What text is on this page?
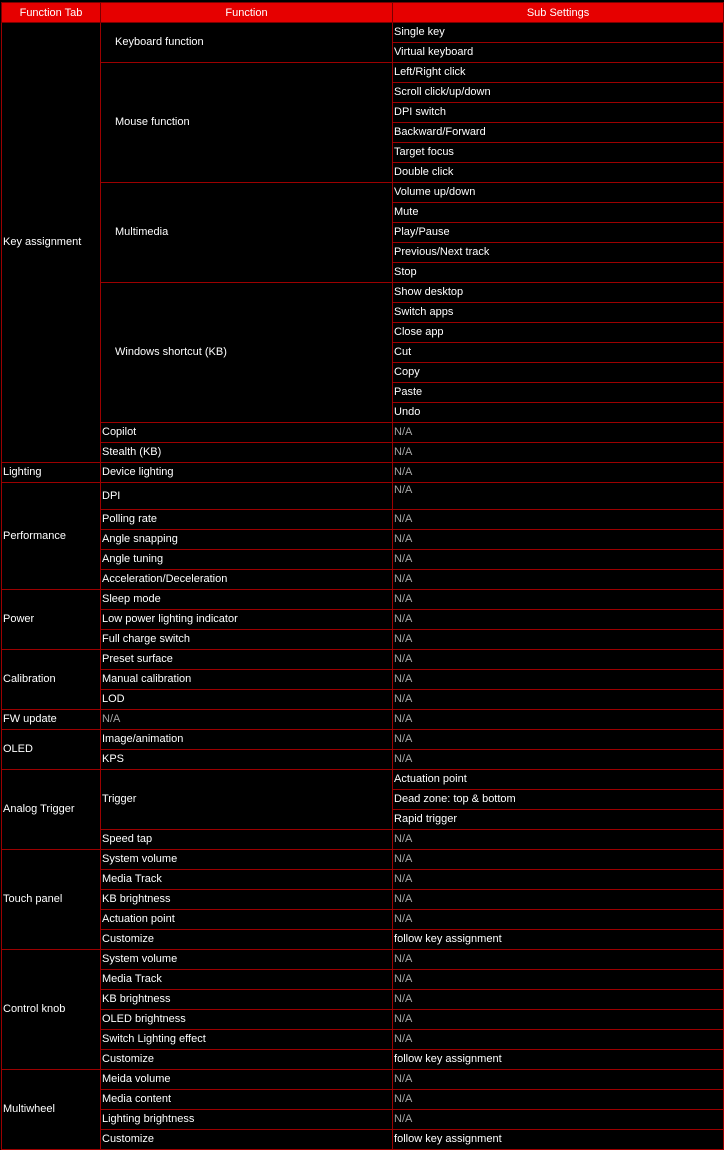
Function Tab	Function	Sub Settings
Key assignment	Keyboard function	Single key
		Virtual keyboard
	Mouse function	Left/Right click
		Scroll click/up/down
		DPI switch
		Backward/Forward
		Target focus
		Double click
	Multimedia	Volume up/down
		Mute
		Play/Pause
		Previous/Next track
		Stop
	Windows shortcut (KB)	Show desktop
		Switch apps
		Close app
		Cut
		Copy
		Paste
		Undo
	Copilot	N/A
	Stealth (KB)	N/A
Lighting	Device lighting	N/A
Performance	DPI	N/A
	Polling rate	N/A
	Angle snapping	N/A
	Angle tuning	N/A
	Acceleration/Deceleration	N/A
Power	Sleep mode	N/A
	Low power lighting indicator	N/A
	Full charge switch	N/A
Calibration	Preset surface	N/A
	Manual calibration	N/A
	LOD	N/A
FW update	N/A	N/A
OLED	Image/animation	N/A
	KPS	N/A
Analog Trigger	Trigger	Actuation point
		Dead zone: top & bottom
		Rapid trigger
	Speed tap	N/A
Touch panel	System volume	N/A
	Media Track	N/A
	KB brightness	N/A
	Actuation point	N/A
	Customize	follow key assignment
Control knob	System volume	N/A
	Media Track	N/A
	KB brightness	N/A
	OLED brightness	N/A
	Switch Lighting effect	N/A
	Customize	follow key assignment
Multiwheel	Meida volume	N/A
	Media content	N/A
	Lighting brightness	N/A
	Customize	follow key assignment
